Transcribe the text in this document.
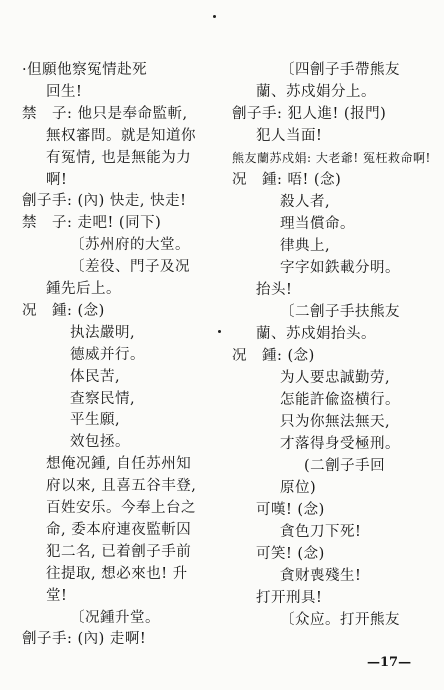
·但願他察冤情赴死
回生!
禁　子: 他只是奉命監斬,
無权審問。就是知道你
有冤情, 也是無能为力
啊!
劊子手: (內) 快走, 快走!
禁　子: 走吧! (同下)
〔苏州府的大堂。
〔差役、門子及况
鍾先后上。
况　鍾: (念)
执法嚴明,
德威并行。
体民苦,
查察民情,
平生願,
效包拯。
想俺况鍾, 自任苏州知
府以來, 且喜五谷丰登,
百姓安乐。今奉上台之
命, 委本府連夜監斬囚
犯二名, 已着劊子手前
往提取, 想必來也! 升
堂!
〔况鍾升堂。
劊子手: (內) 走啊!
〔四劊子手帶熊友
蘭、苏戍娟分上。
劊子手: 犯人進! (报門)
犯人当面!
熊友蘭苏戍娟: 大老爺! 冤枉救命啊!
况　鍾: 唔! (念)
殺人者,
理当償命。
律典上,
字字如鉄載分明。
抬头!
〔二劊子手扶熊友
蘭、苏戍娟抬头。
况　鍾: (念)
为人要忠誠勤劳,
怎能許偸盗横行。
只为你無法無天,
才落得身受極刑。
(二劊子手回
原位)
可嘆! (念)
貪色刀下死!
可笑! (念)
貪财喪殘生!
打开刑具!
〔众应。打开熊友
—17—
